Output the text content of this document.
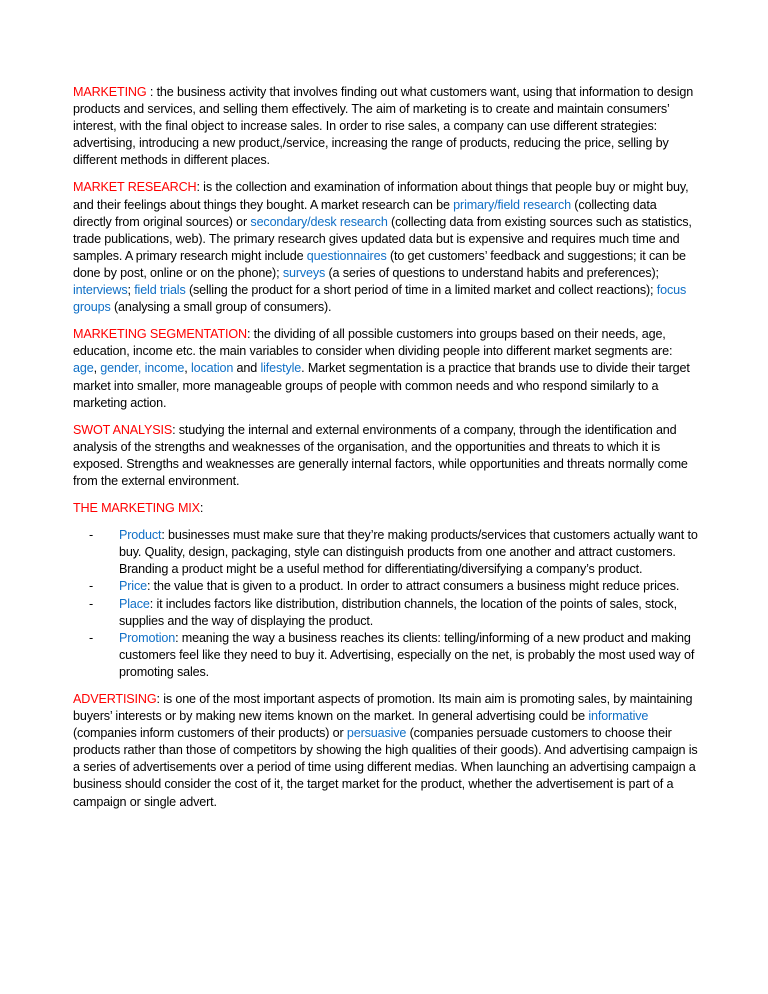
MARKETING : the business activity that involves finding out what customers want, using that information to design products and services, and selling them effectively. The aim of marketing is to create and maintain consumers’ interest, with the final object to increase sales. In order to rise sales, a company can use different strategies: advertising, introducing a new product,/service, increasing the range of products, reducing the price, selling by different methods in different places.

MARKET RESEARCH: is the collection and examination of information about things that people buy or might buy, and their feelings about things they bought. A market research can be primary/field research (collecting data directly from original sources) or secondary/desk research (collecting data from existing sources such as statistics, trade publications, web). The primary research gives updated data but is expensive and requires much time and samples. A primary research might include questionnaires (to get customers’ feedback and suggestions; it can be done by post, online or on the phone); surveys (a series of questions to understand habits and preferences); interviews; field trials (selling the product for a short period of time in a limited market and collect reactions); focus groups (analysing a small group of consumers).

MARKETING SEGMENTATION: the dividing of all possible customers into groups based on their needs, age, education, income etc. the main variables to consider when dividing people into different market segments are: age, gender, income, location and lifestyle. Market segmentation is a practice that brands use to divide their target market into smaller, more manageable groups of people with common needs and who respond similarly to a marketing action.

SWOT ANALYSIS: studying the internal and external environments of a company, through the identification and analysis of the strengths and weaknesses of the organisation, and the opportunities and threats to which it is exposed. Strengths and weaknesses are generally internal factors, while opportunities and threats normally come from the external environment.

THE MARKETING MIX:

- Product: businesses must make sure that they’re making products/services that customers actually want to buy. Quality, design, packaging, style can distinguish products from one another and attract customers. Branding a product might be a useful method for differentiating/diversifying a company’s product.
- Price: the value that is given to a product. In order to attract consumers a business might reduce prices.
- Place: it includes factors like distribution, distribution channels, the location of the points of sales, stock, supplies and the way of displaying the product.
- Promotion: meaning the way a business reaches its clients: telling/informing of a new product and making customers feel like they need to buy it. Advertising, especially on the net, is probably the most used way of promoting sales.

ADVERTISING: is one of the most important aspects of promotion. Its main aim is promoting sales, by maintaining buyers’ interests or by making new items known on the market. In general advertising could be informative (companies inform customers of their products) or persuasive (companies persuade customers to choose their products rather than those of competitors by showing the high qualities of their goods). And advertising campaign is a series of advertisements over a period of time using different medias. When launching an advertising campaign a business should consider the cost of it, the target market for the product, whether the advertisement is part of a campaign or single advert.
